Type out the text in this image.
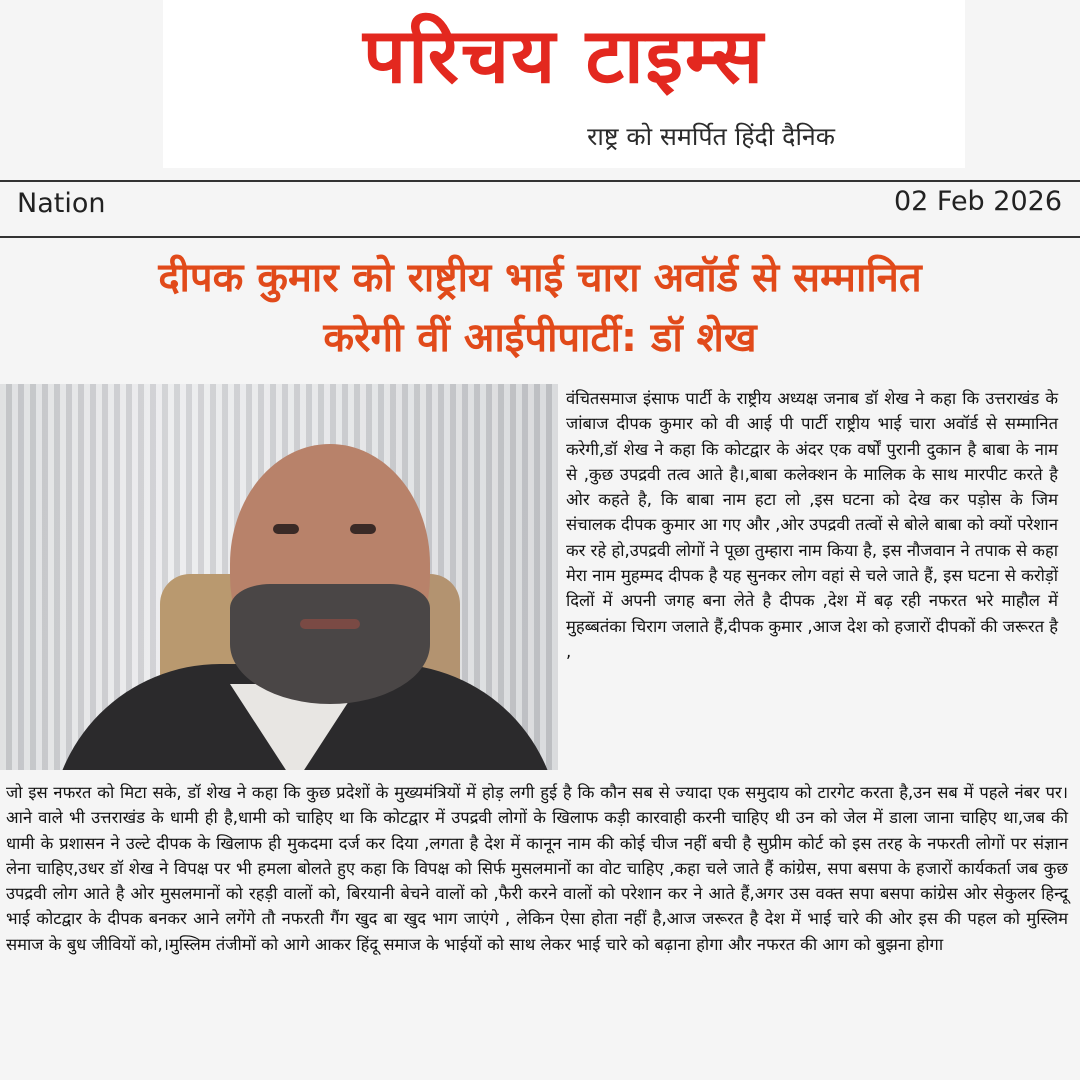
परिचय टाइम्स
राष्ट्र को समर्पित हिंदी दैनिक
Nation	02 Feb 2026
दीपक कुमार को राष्ट्रीय भाई चारा अवॉर्ड से सम्मानित
करेगी वीं आईपीपार्टी: डॉ शेख

वंचितसमाज इंसाफ पार्टी के राष्ट्रीय अध्यक्ष जनाब डॉ शेख ने कहा कि उत्तराखंड के जांबाज दीपक कुमार को वी आई पी पार्टी राष्ट्रीय भाई चारा अवॉर्ड से सम्मानित करेगी,डॉ शेख ने कहा कि कोटद्वार के अंदर एक वर्षों पुरानी दुकान है बाबा के नाम से ,कुछ उपद्रवी तत्व आते है।,बाबा कलेक्शन के मालिक के साथ मारपीट करते है ओर कहते है, कि बाबा नाम हटा लो ,इस घटना को देख कर पड़ोस के जिम संचालक दीपक कुमार आ गए और ,ओर उपद्रवी तत्वों से बोले बाबा को क्यों परेशान कर रहे हो,उपद्रवी लोगों ने पूछा तुम्हारा नाम किया है, इस नौजवान ने तपाक से कहा मेरा नाम मुहम्मद दीपक है यह सुनकर लोग वहां से चले जाते हैं, इस घटना से करोड़ों दिलों में अपनी जगह बना लेते है दीपक ,देश में बढ़ रही नफरत भरे माहौल में मुहब्बतंका चिराग जलाते हैं,दीपक कुमार ,आज देश को हजारों दीपकों की जरूरत है ,

जो इस नफरत को मिटा सके, डॉ शेख ने कहा कि कुछ प्रदेशों के मुख्यमंत्रियों में होड़ लगी हुई है कि कौन सब से ज्यादा एक समुदाय को टारगेट करता है,उन सब में पहले नंबर पर।आने वाले भी उत्तराखंड के धामी ही है,धामी को चाहिए था कि कोटद्वार में उपद्रवी लोगों के खिलाफ कड़ी कारवाही करनी चाहिए थी उन को जेल में डाला जाना चाहिए था,जब की धामी के प्रशासन ने उल्टे दीपक के खिलाफ ही मुकदमा दर्ज कर दिया ,लगता है देश में कानून नाम की कोई चीज नहीं बची है सुप्रीम कोर्ट को इस तरह के नफरती लोगों पर संज्ञान लेना चाहिए,उधर डॉ शेख ने विपक्ष पर भी हमला बोलते हुए कहा कि विपक्ष को सिर्फ मुसलमानों का वोट चाहिए ,कहा चले जाते हैं कांग्रेस, सपा बसपा के हजारों कार्यकर्ता जब कुछ उपद्रवी लोग आते है ओर मुसलमानों को रहड़ी वालों को, बिरयानी बेचने वालों को ,फैरी करने वालों को परेशान कर ने आते हैं,अगर उस वक्त सपा बसपा कांग्रेस ओर सेकुलर हिन्दू भाई कोटद्वार के दीपक बनकर आने लगेंगे तौ नफरती गैंग खुद बा खुद भाग जाएंगे , लेकिन ऐसा होता नहीं है,आज जरूरत है देश में भाई चारे की ओर इस की पहल को मुस्लिम समाज के बुध जीवियों को,।मुस्लिम तंजीमों को आगे आकर हिंदू समाज के भाईयों को साथ लेकर भाई चारे को बढ़ाना होगा और नफरत की आग को बुझना होगा
